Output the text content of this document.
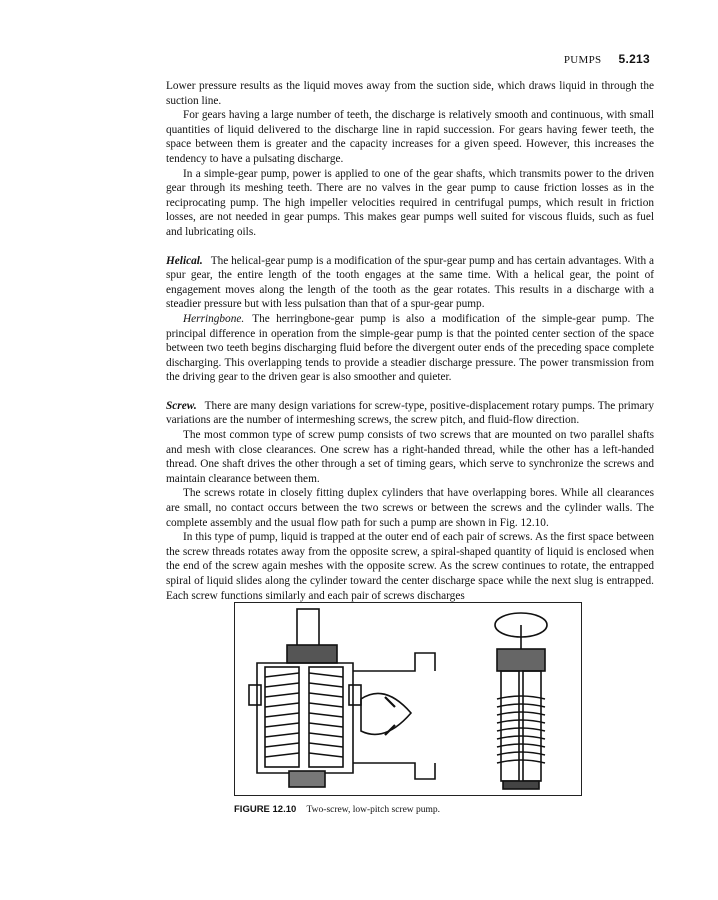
PUMPS 5.213

Lower pressure results as the liquid moves away from the suction side, which draws liquid in through the suction line.

For gears having a large number of teeth, the discharge is relatively smooth and continuous, with small quantities of liquid delivered to the discharge line in rapid succession. For gears having fewer teeth, the space between them is greater and the capacity increases for a given speed. However, this increases the tendency to have a pulsating discharge.

In a simple-gear pump, power is applied to one of the gear shafts, which transmits power to the driven gear through its meshing teeth. There are no valves in the gear pump to cause friction losses as in the reciprocating pump. The high impeller velocities required in centrifugal pumps, which result in friction losses, are not needed in gear pumps. This makes gear pumps well suited for viscous fluids, such as fuel and lubricating oils.

Helical. The helical-gear pump is a modification of the spur-gear pump and has certain advantages. With a spur gear, the entire length of the tooth engages at the same time. With a helical gear, the point of engagement moves along the length of the tooth as the gear rotates. This results in a discharge with a steadier pressure but with less pulsation than that of a spur-gear pump.

Herringbone. The herringbone-gear pump is also a modification of the simple-gear pump. The principal difference in operation from the simple-gear pump is that the pointed center section of the space between two teeth begins discharging fluid before the divergent outer ends of the preceding space complete discharging. This overlapping tends to provide a steadier discharge pressure. The power transmission from the driving gear to the driven gear is also smoother and quieter.

Screw. There are many design variations for screw-type, positive-displacement rotary pumps. The primary variations are the number of intermeshing screws, the screw pitch, and fluid-flow direction.

The most common type of screw pump consists of two screws that are mounted on two parallel shafts and mesh with close clearances. One screw has a right-handed thread, while the other has a left-handed thread. One shaft drives the other through a set of timing gears, which serve to synchronize the screws and maintain clearance between them.

The screws rotate in closely fitting duplex cylinders that have overlapping bores. While all clearances are small, no contact occurs between the two screws or between the screws and the cylinder walls. The complete assembly and the usual flow path for such a pump are shown in Fig. 12.10.

In this type of pump, liquid is trapped at the outer end of each pair of screws. As the first space between the screw threads rotates away from the opposite screw, a spiral-shaped quantity of liquid is enclosed when the end of the screw again meshes with the opposite screw. As the screw continues to rotate, the entrapped spiral of liquid slides along the cylinder toward the center discharge space while the next slug is entrapped. Each screw functions similarly and each pair of screws discharges

FIGURE 12.10 Two-screw, low-pitch screw pump.
